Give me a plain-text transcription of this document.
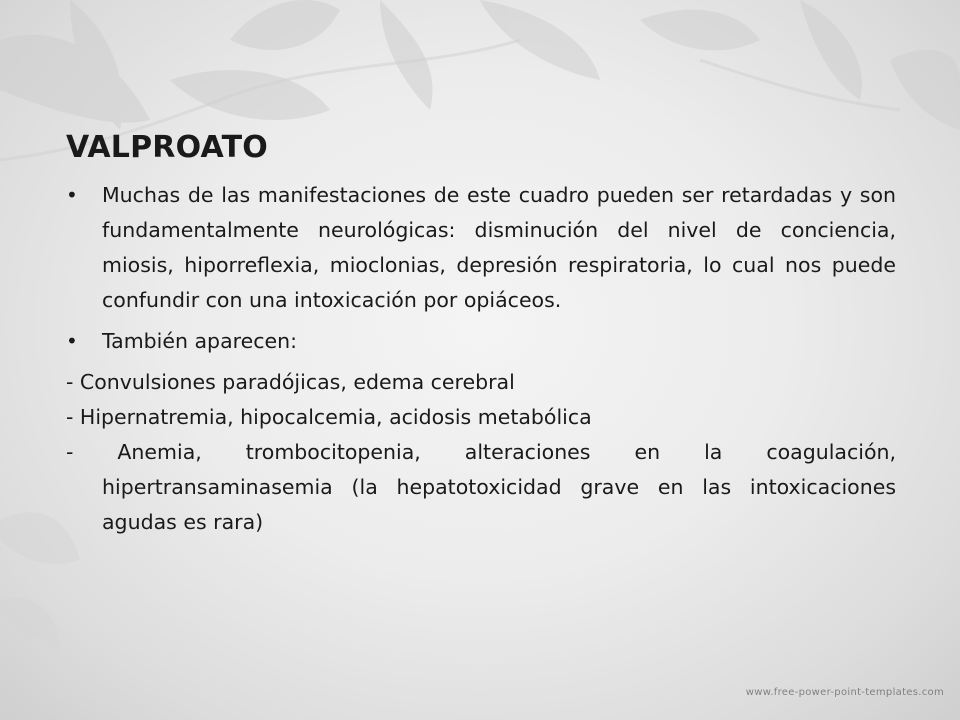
VALPROATO
• Muchas de las manifestaciones de este cuadro pueden ser retardadas y son fundamentalmente neurológicas: disminución del nivel de conciencia, miosis, hiporreflexia, mioclonias, depresión respiratoria, lo cual nos puede confundir con una intoxicación por opiáceos.
• También aparecen:
- Convulsiones paradójicas, edema cerebral
- Hipernatremia, hipocalcemia, acidosis metabólica
- Anemia, trombocitopenia, alteraciones en la coagulación, hipertransaminasemia (la hepatotoxicidad grave en las intoxicaciones agudas es rara)
www.free-power-point-templates.com
